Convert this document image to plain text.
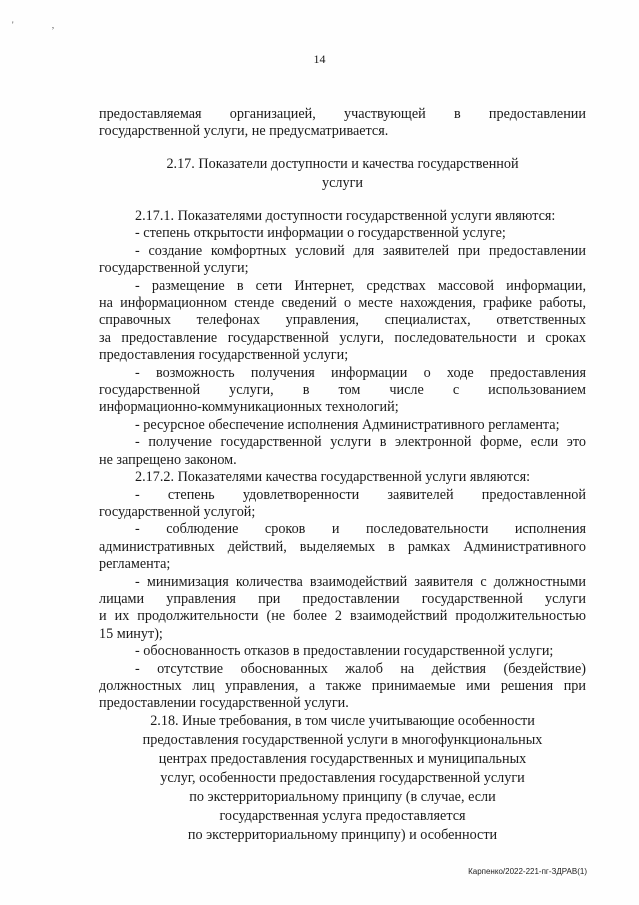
' ,
14
предоставляемая организацией, участвующей в предоставлении
государственной услуги, не предусматривается.
2.17. Показатели доступности и качества государственной
услуги
2.17.1. Показателями доступности государственной услуги являются:
- степень открытости информации о государственной услуге;
- создание комфортных условий для заявителей при предоставлении
государственной услуги;
- размещение в сети Интернет, средствах массовой информации,
на информационном стенде сведений о месте нахождения, графике работы,
справочных телефонах управления, специалистах, ответственных
за предоставление государственной услуги, последовательности и сроках
предоставления государственной услуги;
- возможность получения информации о ходе предоставления
государственной услуги, в том числе с использованием
информационно-коммуникационных технологий;
- ресурсное обеспечение исполнения Административного регламента;
- получение государственной услуги в электронной форме, если это
не запрещено законом.
2.17.2. Показателями качества государственной услуги являются:
- степень удовлетворенности заявителей предоставленной
государственной услугой;
- соблюдение сроков и последовательности исполнения
административных действий, выделяемых в рамках Административного
регламента;
- минимизация количества взаимодействий заявителя с должностными
лицами управления при предоставлении государственной услуги
и их продолжительности (не более 2 взаимодействий продолжительностью
15 минут);
- обоснованность отказов в предоставлении государственной услуги;
- отсутствие обоснованных жалоб на действия (бездействие)
должностных лиц управления, а также принимаемые ими решения при
предоставлении государственной услуги.
2.18. Иные требования, в том числе учитывающие особенности
предоставления государственной услуги в многофункциональных
центрах предоставления государственных и муниципальных
услуг, особенности предоставления государственной услуги
по экстерриториальному принципу (в случае, если
государственная услуга предоставляется
по экстерриториальному принципу) и особенности
Карпенко/2022-221-пг-ЗДРАВ(1)
